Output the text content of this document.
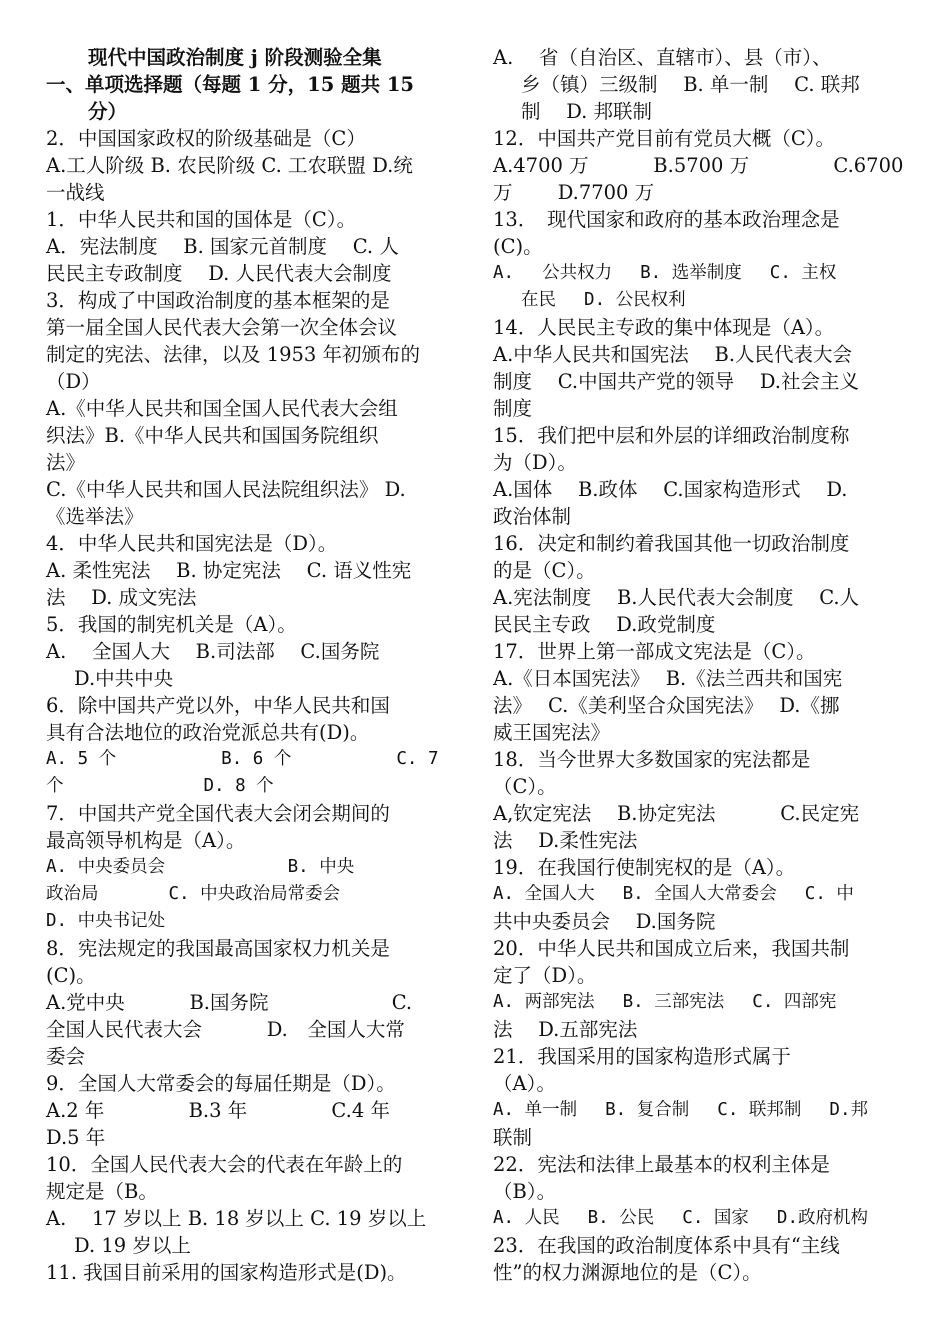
现代中国政治制度 j 阶段测验全集
一、单项选择题（每题 1 分，15 题共 15
分）
2．中国国家政权的阶级基础是（C）
A.工人阶级 B. 农民阶级 C. 工农联盟 D.统
一战线
1．中华人民共和国的国体是（C）。
A．宪法制度　 B. 国家元首制度　 C. 人
民民主专政制度　 D. 人民代表大会制度
3．构成了中国政治制度的基本框架的是
第一届全国人民代表大会第一次全体会议
制定的宪法、法律，以及 1953 年初颁布的
（D）
A.《中华人民共和国全国人民代表大会组
织法》B.《中华人民共和国国务院组织
法》
C.《中华人民共和国人民法院组织法》 D.
《选举法》
4．中华人民共和国宪法是（D）。
A. 柔性宪法　 B. 协定宪法　 C. 语义性宪
法　 D. 成文宪法
5．我国的制宪机关是（A）。
A.　 全国人大　 B.司法部　 C.国务院
D.中共中央
6．除中国共产党以外，中华人民共和国
具有合法地位的政治党派总共有(D)。
A. 5 个　　　　　　B. 6 个　　　　　　C. 7
个　　　　　　　　D. 8 个
7．中国共产党全国代表大会闭会期间的
最高领导机构是（A）。
A. 中央委员会　　　　　　　B. 中央
政治局　　　　C. 中央政治局常委会
D. 中央书记处
8．宪法规定的我国最高国家权力机关是
(C)。
A.党中央　　　 B.国务院　　　　　　 C.
全国人民代表大会　　　 D.　全国人大常
委会
9．全国人大常委会的每届任期是（D）。
A.2 年　　　　 B.3 年　　　　 C.4 年
D.5 年
10．全国人民代表大会的代表在年龄上的
规定是（B。
A.　 17 岁以上 B. 18 岁以上 C. 19 岁以上
D. 19 岁以上
11. 我国目前采用的国家构造形式是(D)。
A.　 省（自治区、直辖市）、县（市）、
乡（镇）三级制　 B. 单一制　 C. 联邦
制　 D. 邦联制
12．中国共产党目前有党员大概（C）。
A.4700 万　　　 B.5700 万　　　　 C.6700
万　　 D.7700 万
13．　现代国家和政府的基本政治理念是
(C)。
A. 　公共权力　 B. 选举制度　 C. 主权
在民　 D. 公民权利
14．人民民主专政的集中体现是（A）。
A.中华人民共和国宪法　 B.人民代表大会
制度　 C.中国共产党的领导　 D.社会主义
制度
15．我们把中层和外层的详细政治制度称
为（D）。
A.国体　 B.政体　 C.国家构造形式　 D.
政治体制
16．决定和制约着我国其他一切政治制度
的是（C）。
A.宪法制度　 B.人民代表大会制度　 C.人
民民主专政　 D.政党制度
17．世界上第一部成文宪法是（C）。
A.《日本国宪法》　 B.《法兰西共和国宪
法》　 C.《美利坚合众国宪法》　 D.《挪
威王国宪法》
18．当今世界大多数国家的宪法都是
（C）。
A,钦定宪法　 B.协定宪法　　　 C.民定宪
法　 D.柔性宪法
19．在我国行使制宪权的是（A）。
A. 全国人大　 B. 全国人大常委会　 C. 中
共中央委员会　 D.国务院
20．中华人民共和国成立后来，我国共制
定了（D）。
A. 两部宪法　 B. 三部宪法　 C. 四部宪
法　 D.五部宪法
21．我国采用的国家构造形式属于
（A）。
A. 单一制　 B. 复合制　 C. 联邦制　 D.邦
联制
22．宪法和法律上最基本的权利主体是
（B）。
A. 人民　 B. 公民　 C. 国家　 D.政府机构
23．在我国的政治制度体系中具有“主线
性”的权力渊源地位的是（C）。
